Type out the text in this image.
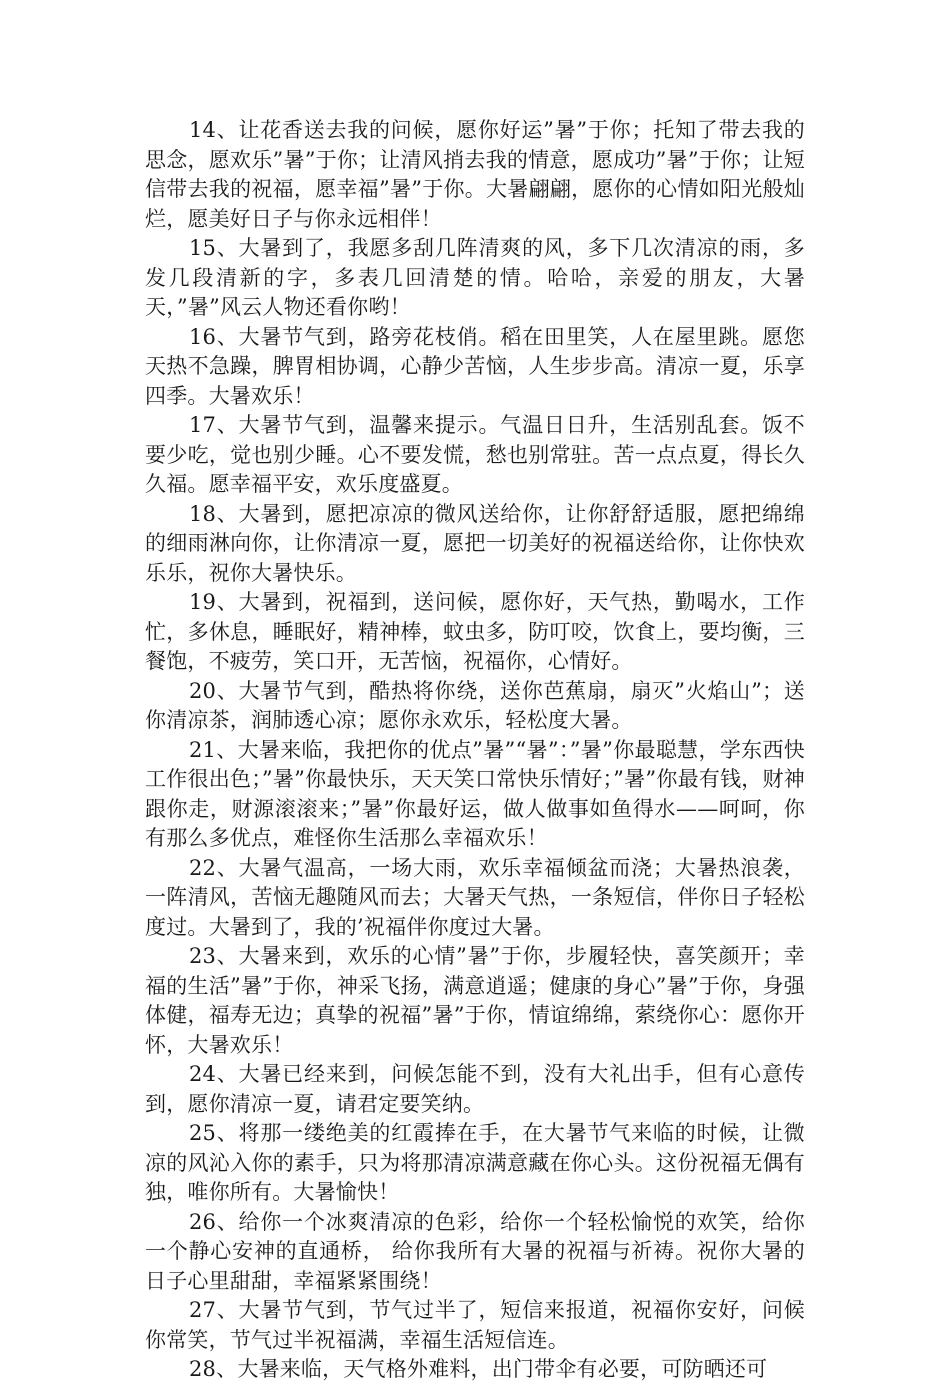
14、让花香送去我的问候，愿你好运”暑”于你；托知了带去我的思念，愿欢乐”暑”于你；让清风捎去我的情意，愿成功”暑”于你；让短信带去我的祝福，愿幸福”暑”于你。大暑翩翩，愿你的心情如阳光般灿烂，愿美好日子与你永远相伴！

15、大暑到了，我愿多刮几阵清爽的风，多下几次清凉的雨，多发几段清新的字，多表几回清楚的情。哈哈，亲爱的朋友，大暑天，”暑”风云人物还看你哟！

16、大暑节气到，路旁花枝俏。稻在田里笑，人在屋里跳。愿您天热不急躁，脾胃相协调，心静少苦恼，人生步步高。清凉一夏，乐享四季。大暑欢乐！

17、大暑节气到，温馨来提示。气温日日升，生活别乱套。饭不要少吃，觉也别少睡。心不要发慌，愁也别常驻。苦一点点夏，得长久久福。愿幸福平安，欢乐度盛夏。

18、大暑到，愿把凉凉的微风送给你，让你舒舒适服，愿把绵绵的细雨淋向你，让你清凉一夏，愿把一切美好的祝福送给你，让你快欢乐乐，祝你大暑快乐。

19、大暑到，祝福到，送问候，愿你好，天气热，勤喝水，工作忙，多休息，睡眠好，精神棒，蚊虫多，防叮咬，饮食上，要均衡，三餐饱，不疲劳，笑口开，无苦恼，祝福你，心情好。

20、大暑节气到，酷热将你绕，送你芭蕉扇，扇灭”火焰山”；送你清凉茶，润肺透心凉；愿你永欢乐，轻松度大暑。

21、大暑来临，我把你的优点”暑”“暑”：”暑”你最聪慧，学东西快工作很出色；”暑”你最快乐，天天笑口常快乐情好；”暑”你最有钱，财神跟你走，财源滚滚来；”暑”你最好运，做人做事如鱼得水——呵呵，你有那么多优点，难怪你生活那么幸福欢乐！

22、大暑气温高，一场大雨，欢乐幸福倾盆而浇；大暑热浪袭，一阵清风，苦恼无趣随风而去；大暑天气热，一条短信，伴你日子轻松度过。大暑到了，我的’祝福伴你度过大暑。

23、大暑来到，欢乐的心情”暑”于你，步履轻快，喜笑颜开；幸福的生活”暑”于你，神采飞扬，满意逍遥；健康的身心”暑”于你，身强体健，福寿无边；真挚的祝福”暑”于你，情谊绵绵，萦绕你心：愿你开怀，大暑欢乐！

24、大暑已经来到，问候怎能不到，没有大礼出手，但有心意传到，愿你清凉一夏，请君定要笑纳。

25、将那一缕绝美的红霞捧在手，在大暑节气来临的时候，让微凉的风沁入你的素手，只为将那清凉满意藏在你心头。这份祝福无偶有独，唯你所有。大暑愉快！

26、给你一个冰爽清凉的色彩，给你一个轻松愉悦的欢笑，给你一个静心安神的直通桥， 给你我所有大暑的祝福与祈祷。祝你大暑的日子心里甜甜，幸福紧紧围绕！

27、大暑节气到，节气过半了，短信来报道，祝福你安好，问候你常笑，节气过半祝福满，幸福生活短信连。

28、大暑来临，天气格外难料，出门带伞有必要，可防晒还可
